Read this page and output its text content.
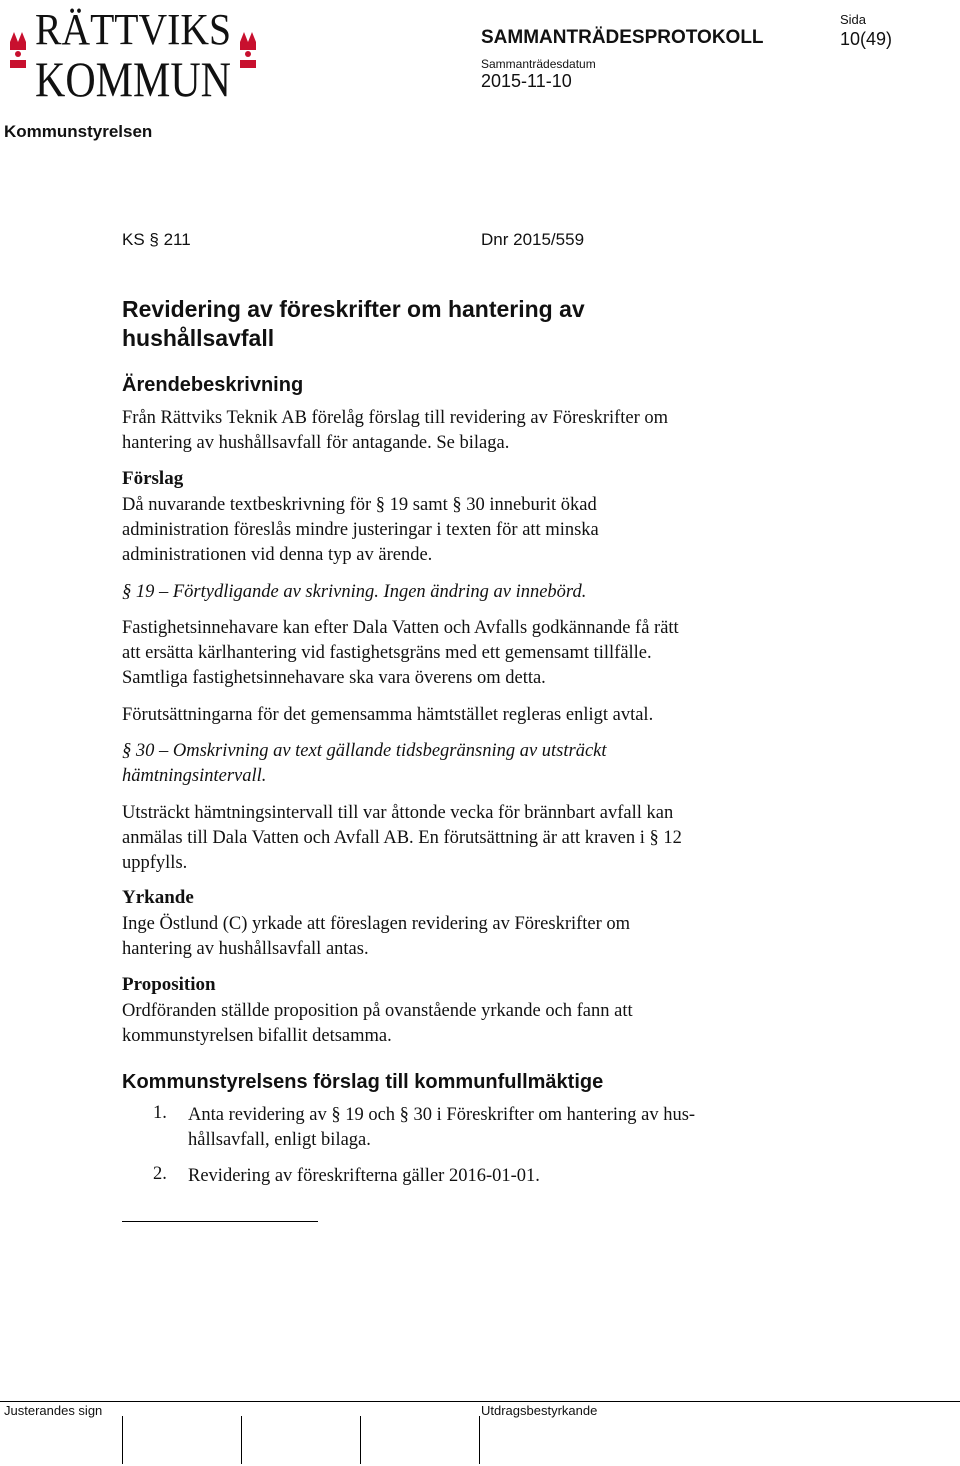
RÄTTVIKS
KOMMUN
SAMMANTRÄDESPROTOKOLL
Sammanträdesdatum
2015-11-10
Sida
10(49)
Kommunstyrelsen
KS § 211	Dnr 2015/559
Revidering av föreskrifter om hantering av
hushållsavfall
Ärendebeskrivning
Från Rättviks Teknik AB förelåg förslag till revidering av Föreskrifter om
hantering av hushållsavfall för antagande. Se bilaga.
Förslag
Då nuvarande textbeskrivning för § 19 samt § 30 inneburit ökad
administration föreslås mindre justeringar i texten för att minska
administrationen vid denna typ av ärende.
§ 19 – Förtydligande av skrivning. Ingen ändring av innebörd.
Fastighetsinnehavare kan efter Dala Vatten och Avfalls godkännande få rätt
att ersätta kärlhantering vid fastighetsgräns med ett gemensamt tillfälle.
Samtliga fastighetsinnehavare ska vara överens om detta.
Förutsättningarna för det gemensamma hämtstället regleras enligt avtal.
§ 30 – Omskrivning av text gällande tidsbegränsning av utsträckt
hämtningsintervall.
Utsträckt hämtningsintervall till var åttonde vecka för brännbart avfall kan
anmälas till Dala Vatten och Avfall AB. En förutsättning är att kraven i § 12
uppfylls.
Yrkande
Inge Östlund (C) yrkade att föreslagen revidering av Föreskrifter om
hantering av hushållsavfall antas.
Proposition
Ordföranden ställde proposition på ovanstående yrkande och fann att
kommunstyrelsen bifallit detsamma.
Kommunstyrelsens förslag till kommunfullmäktige
1. Anta revidering av § 19 och § 30 i Föreskrifter om hantering av hus-
hållsavfall, enligt bilaga.
2. Revidering av föreskrifterna gäller 2016-01-01.
Justerandes sign	Utdragsbestyrkande
